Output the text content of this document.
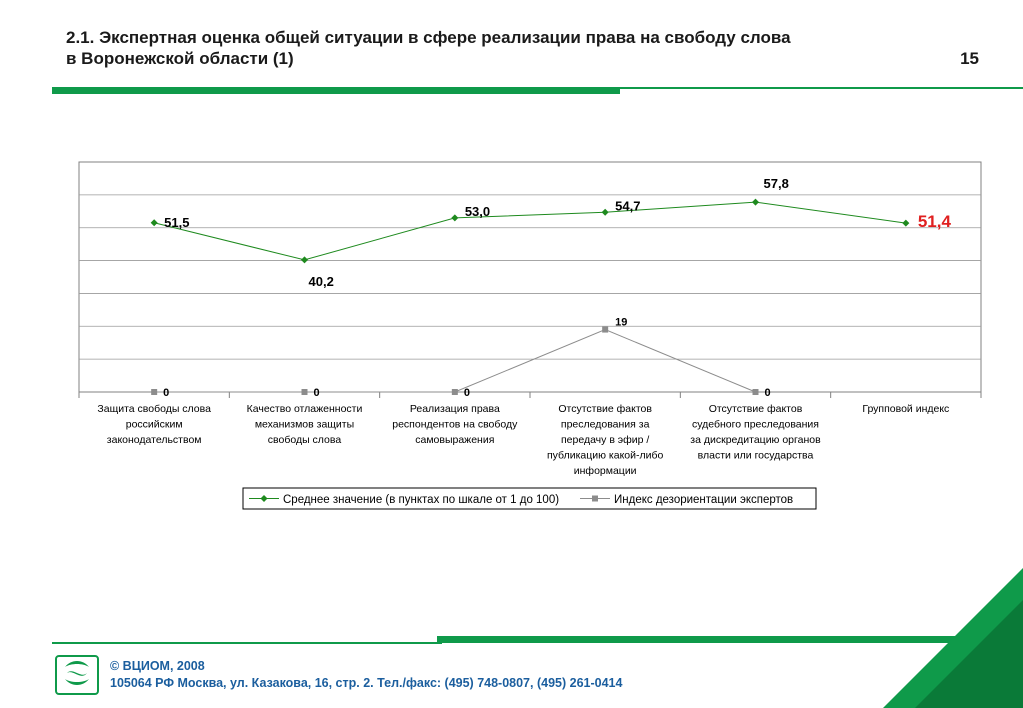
2.1. Экспертная оценка общей ситуации в сфере реализации права на свободу слова
в Воронежской области (1)	15
Защита свободы слова российским законодательством
Качество отлаженности механизмов защиты свободы слова
Реализация права респондентов на свободу самовыражения
Отсутствие фактов преследования за передачу в эфир / публикацию какой-либо информации
Отсутствие фактов судебного преследования за дискредитацию органов власти или государства
Групповой индекс
0	0	0
19
0
51,5
40,2
53,0	54,7
57,8
51,4
Среднее значение (в пунктах по шкале от 1 до 100)	Индекс дезориентации экспертов
© ВЦИОМ, 2008
105064 РФ Москва, ул. Казакова, 16, стр. 2. Тел./факс: (495) 748-0807, (495) 261-0414
